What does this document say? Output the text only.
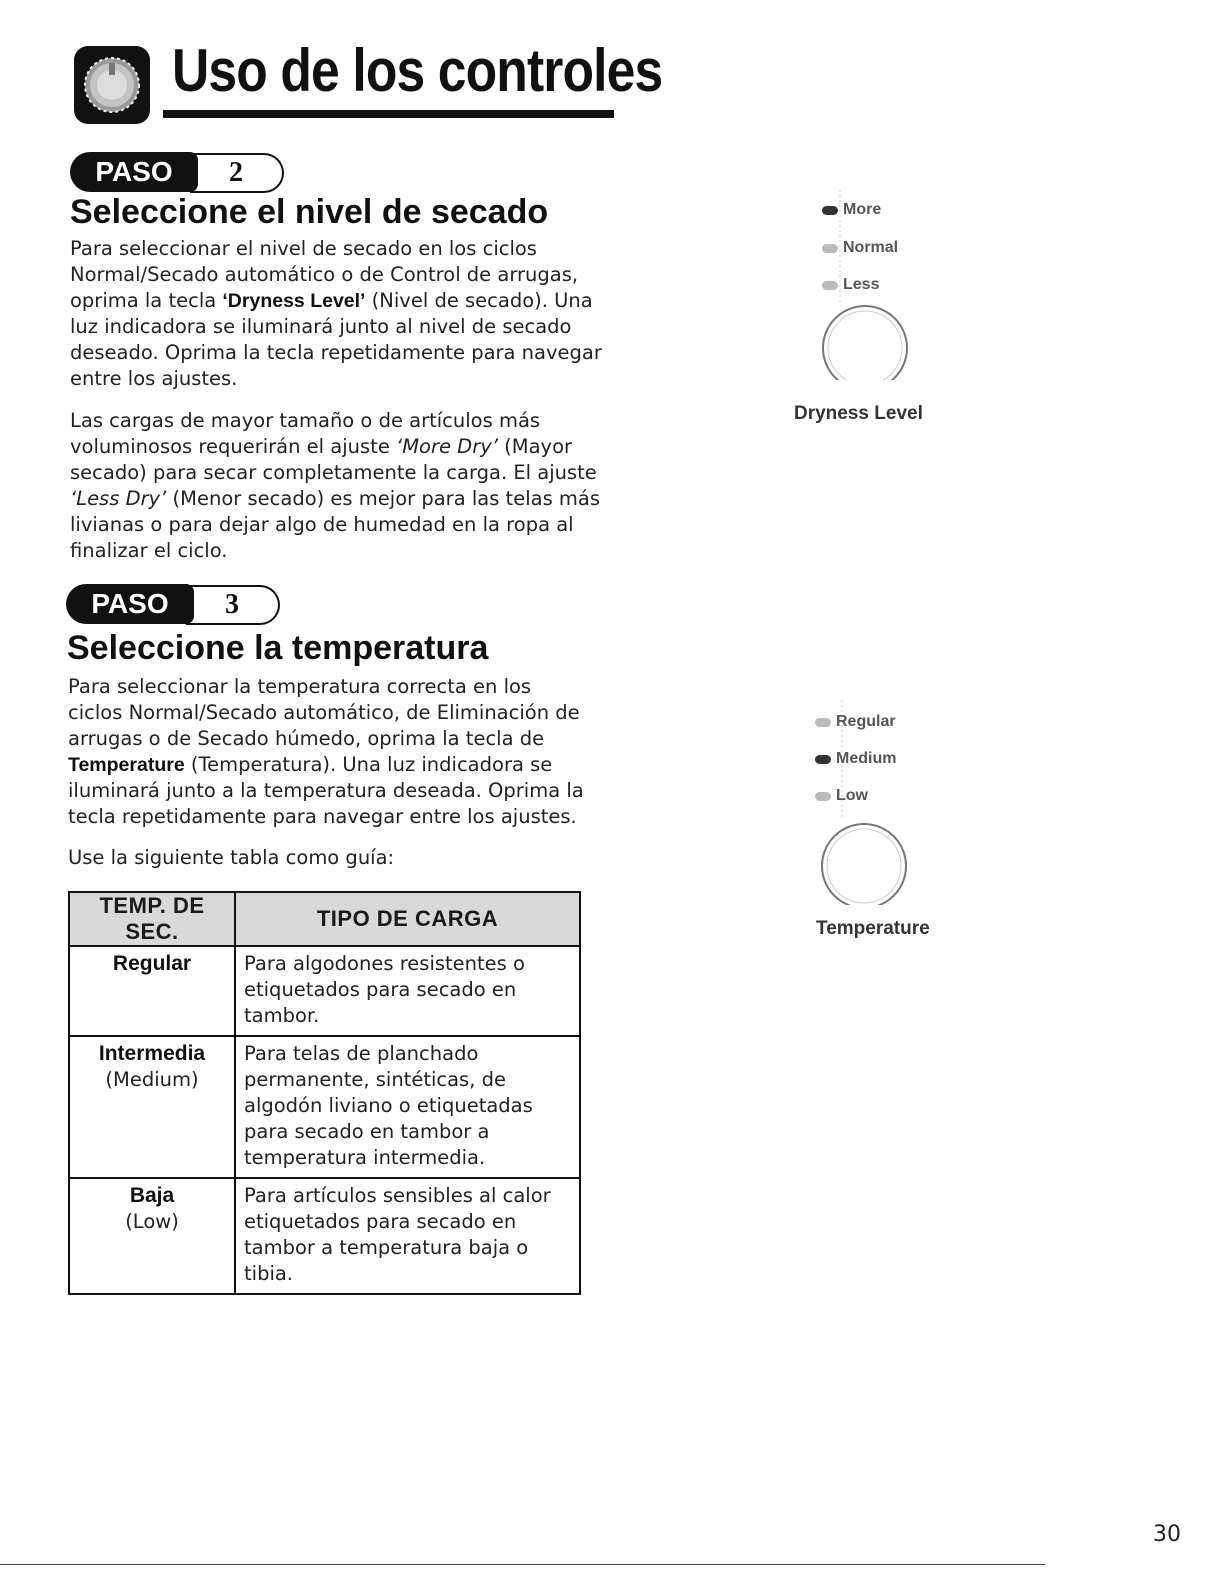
Uso de los controles
PASO	2
Seleccione el nivel de secado

Para seleccionar el nivel de secado en los ciclos Normal/Secado automático o de Control de arrugas, oprima la tecla ‘Dryness Level’ (Nivel de secado). Una luz indicadora se iluminará junto al nivel de secado deseado. Oprima la tecla repetidamente para navegar entre los ajustes.

Las cargas de mayor tamaño o de artículos más voluminosos requerirán el ajuste ‘More Dry’ (Mayor secado) para secar completamente la carga. El ajuste ‘Less Dry’ (Menor secado) es mejor para las telas más livianas o para dejar algo de humedad en la ropa al finalizar el ciclo.

PASO	3
Seleccione la temperatura

Para seleccionar la temperatura correcta en los ciclos Normal/Secado automático, de Eliminación de arrugas o de Secado húmedo, oprima la tecla de Temperature (Temperatura). Una luz indicadora se iluminará junto a la temperatura deseada. Oprima la tecla repetidamente para navegar entre los ajustes.

Use la siguiente tabla como guía:

TEMP. DE SEC.	TIPO DE CARGA

Regular	Para algodones resistentes o etiquetados para secado en tambor.

Intermedia
(Medium)	Para telas de planchado permanente, sintéticas, de algodón liviano o etiquetadas para secado en tambor a temperatura intermedia.

Baja
(Low)	Para artículos sensibles al calor etiquetados para secado en tambor a temperatura baja o tibia.
More
Normal
Less
Dryness Level
Regular
Medium
Low
Temperature
30
